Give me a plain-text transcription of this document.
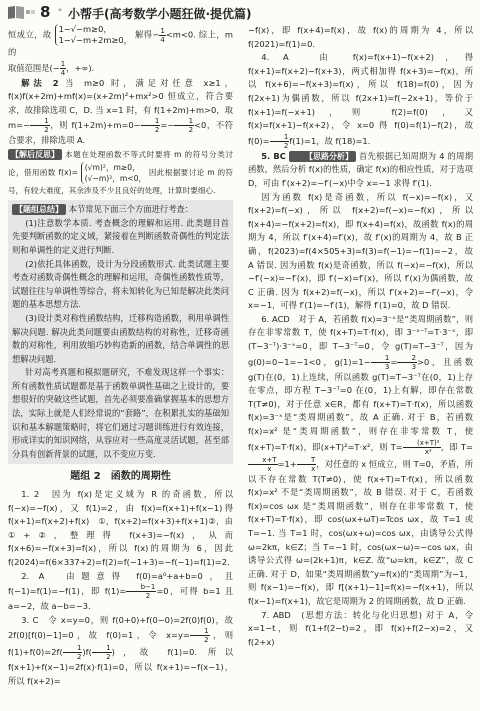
8 * 小帮手(高考数学小题狂做·提优篇)

恒成立，故 1−√−m≥0，
1−√−m+2m≥0， 解得− $\frac{1}{4} <m<0$. 综上，m 的

取值范围是(− $\frac{1}{4}$ ，+∞).

解法 2 当 m≥0 时，满足对任意 x≥1，f(x)f(x+2m)+mf(x)=(x+2m)²+mx²>0 恒成立，符合要求，故排除选项 C，D. 当 x=1 时，有 f(1+2m)+m>0，取 $m=- \frac{1}{2}$ ，则 $f(1+2m)+m=0- \frac{1}{2} =- \frac{1}{2} <0$，不符合要求，排除选项 A.

【解后反思】 本题在处理函数不等式时要将 m 的符号分类讨论，借用函数 f(x)= (√m)²，m≥0，
(√−m)²，m<0， 因此根据要讨论 m 的符号，有较大难度，其余涉及不少且良好的处理，计算时要细心.

【题组总结】 本节常见下面三个方面进行考查：

(1)注意数学本质. 考查概念的理解和运用. 此类题目首先要判断函数的定义域，紧接着在判断函数奇偶性的判定法则和单调性的定义进行判断.

(2)依托具体函数，设计为分段函数形式. 此类试题主要考查对函数奇偶性概念的理解和运用，奇偶性函数性质等，试题往往与单调性等综合，将未知转化为已知是解决此类问题的基本思想方法.

(3)设计类对称性函数结构，迁移构造函数，利用单调性解决问题. 解决此类问题要由函数结构的对称性，迁移奇函数的对称性，利用放缩巧妙构造新的函数，结合单调性的思想解决问题.

针对高考真题和模拟题研究，不难发现这样一个事实：所有函数性质试题都是基于函数单调性基础之上设计的，要想很好的突破这些试题，首先必须要准确掌握基本的思想方法，实际上就是人们经常说的“套路”，在积累扎实的基础知识和基本解题策略时，将它们通过习题训练进行有效连接，形成详实的知识网络，从容应对一些高度灵活试题，甚至部分具有创新背景的试题，以不变应万变.

题组 2　函数的周期性

1. 2　因为 f(x)是定义域为 R 的奇函数，所以 f(−x)=−f(x)，又 f(1)=2，由 f(x)=f(x+1)+f(x−1)得 f(x+1)=f(x+2)+f(x)　①，f(x+2)=f(x+3)+f(x+1)②，由①+②，整理得 f(x+3)=−f(x)，从而 f(x+6)=−f(x+3)=f(x)，所以 f(x)的周期为 6，因此 f(2024)=f(6×337+2)=f(2)=f(−1+3)=−f(−1)=f(1)=2.

2. A　由题意得 f(0)=a⁰+a+b=0，且 f(−1)=f(1)=−f(1)，即 $f(1)= \frac{b-1}{2} =0$，可得 b=1 且 a=−2，故 a−b=−3.

3. C　令 x=y=0，则 f(0+0)+f(0−0)=2f(0)f(0)，故 2f(0)[f(0)−1]=0，故 f(0)=1，令 $x=y= \frac{1}{2}$ ，则 $f(1)+f(0)=2f( \frac{1}{2} )f( \frac{1}{2}$ )，故 f(1)=0. 所以 f(x+1)+f(x−1)=2f(x)·f(1)=0，所以 f(x+1)=−f(x−1)，所以 f(x+2)=

−f(x)，即 f(x+4)=f(x)，故 f(x)的周期为 4，所以 f(2021)=f(1)=0.

4. A　由 f(x)=f(x+1)−f(x+2)，得 f(x+1)=f(x+2)−f(x+3)，两式相加得 f(x+3)=−f(x)，所以 f(x+6)=−f(x+3)=f(x)，所以 f(18)=f(0)，因为 f(2x+1)为偶函数，所以 f(2x+1)=f(−2x+1)，等价于 f(x+1)=f(−x+1)，则 f(2)=f(0)，又 f(x)=f(x+1)−f(x+2)，令 x=0 得 f(0)=f(1)−f(2)，故 $f(0)= \frac{1}{2} f(1)=1$，故 f(18)=1.

5. BC 【思路分析】 首先根据已知周期为 4 的周期函数，然后分析 f(x)的性质，确定 f(x)的相应性质，对于选项 D，可由 f′(x+2)=−f′(−x)中令 x=−1 求得 f′(1).

因为函数 f(x)是奇函数，所以 f(−x)=−f(x)，又 f(x+2)=f(−x)，所以 f(x+2)=f(−x)=−f(x)，所以 f(x+4)=−f(x+2)=f(x)，即 f(x+4)=f(x)，故函数 f(x)的周期为 4，所以 f′(x+4)=f′(x)，故 f′(x)的周期为 4，故 B 正确，f(2023)=f(4×505+3)=f(3)=f(−1)=−f(1)=−2，故 A 错误. 因为函数 f(x)是奇函数，所以 f(−x)=−f(x)，所以 −f′(−x)=−f′(x)，即 f′(−x)=f′(x)，所以 f′(x)为偶函数，故 C 正确. 因为 f(x+2)=f(−x)，所以 f′(x+2)=−f′(−x)，令 x=−1，可得 f′(1)=−f′(1)，解得 f′(1)=0，故 D 错误.

6. ACD　对于 A，若函数 f(x)=3⁻ˣ是“类周期函数”，则存在非零常数 T，使 f(x+T)=T·f(x)，即 3⁻ˣ⁻ᵀ=T·3⁻ˣ，即(T−3⁻ᵀ)·3⁻ˣ=0，即 T−3⁻ᵀ=0，令 g(T)=T−3⁻ᵀ，因为 g(0)=0−1=−1<0，$g(1)=1- \frac{1}{3} = \frac{2}{3} >0$，且函数 g(T)在(0，1)上连续，所以函数 g(T)=T−3⁻ᵀ在(0，1)上存在零点，即方程 T−3⁻ᵀ=0 在(0，1)上有解，即存在常数 T(T≠0)，对于任意 x∈R，都有 f(x+T)=T·f(x)，所以函数 f(x)=3⁻ˣ是“类周期函数”，故 A 正确. 对于 B，若函数 f(x)=x² 是“类周期函数”，则存在非零常数 T，使 f(x+T)=T·f(x)，即(x+T)²=T·x²，则 $T= \frac{\text{(x+T)²}}{\text{x²}}$ ，即 T=
$\frac{x+T}{x} =1+ \frac{T}{x}$ ，对任意的 x 恒成立，则 T=0，矛盾，所以不存在常数 T(T≠0)，使 f(x+T)=T·f(x)，所以函数 f(x)=x² 不是“类周期函数”，故 B 错误. 对于 C，若函数 f(x)=cos ωx 是“类周期函数”，则存在非零常数 T，使 f(x+T)=T·f(x)，即 cos(ωx+ωT)=Tcos ωx，故 T=1 或 T=−1. 当 T=1 时，cos(ωx+ω)=cos ωx，由诱导公式得 ω=2kπ，k∈Z；当 T=−1 时，cos(ωx−ω)=−cos ωx，由诱导公式得 ω=(2k+1)π，k∈Z. 故“ω=kπ，k∈Z”，故 C 正确. 对于 D，如果“类周期函数”y=f(x)的“类周期”为−1，则 f(x−1)=−f(x)，即 f[(x+1)−1]=f(x)=−f(x+1)，所以 f(x−1)=f(x+1)，故它是周期为 2 的周期函数，故 D 正确.

7. ABD　(思想方法：转化与化归思想) 对于 A，令 x=1−t，则 f(1+f(2−t)=2，即 f(x)+f(2−x)=2，又 f(2+x)
